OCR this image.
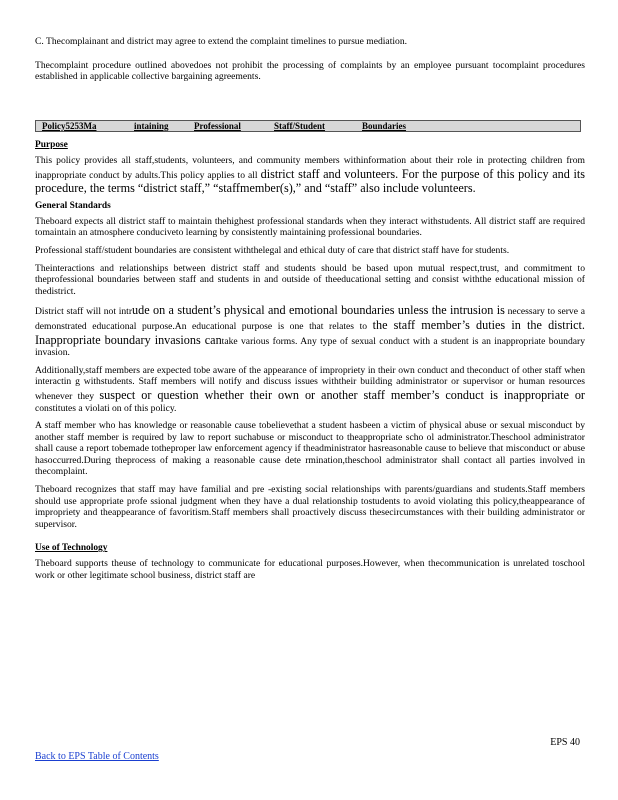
C. Thecomplainant and district may agree to extend the complaint timelines to pursue mediation.

Thecomplaint procedure outlined abovedoes not prohibit the processing of complaints by an employee pursuant tocomplaint procedures established in applicable collective bargaining agreements.

Policy5253Ma	intaining	Professional	Staff/Student	Boundaries
Purpose

This policy provides all staff,students, volunteers, and community members withinformation about their role in protecting children from inappropriate conduct by adults.This policy applies to all district staff and volunteers. For the purpose of this policy and its procedure, the terms “district staff,” “staffmember(s),” and “staff” also include volunteers.

General Standards

Theboard expects all district staff to maintain thehighest professional standards when they interact withstudents. All district staff are required tomaintain an atmosphere conduciveto learning by consistently maintaining professional boundaries.

Professional staff/student boundaries are consistent withthelegal and ethical duty of care that district staff have for students.

Theinteractions and relationships between district staff and students should be based upon mutual respect,trust, and commitment to theprofessional boundaries between staff and students in and outside of theeducational setting and consist withthe educational mission of thedistrict.

District staff will not intrude on a student’s physical and emotional boundaries unless the intrusion is necessary to serve a demonstrated educational purpose.An educational purpose is one that relates to the staff member’s duties in the district. Inappropriate boundary invasions cantake various forms. Any type of sexual conduct with a student is an inappropriate boundary invasion.

Additionally,staff members are expected tobe aware of the appearance of impropriety in their own conduct and theconduct of other staff when interactin g withstudents. Staff members will notify and discuss issues withtheir building administrator or supervisor or human resources whenever they suspect or question whether their own or another staff member’s conduct is inappropriate or constitutes a violati on of this policy.

A staff member who has knowledge or reasonable cause tobelievethat a student hasbeen a victim of physical abuse or sexual misconduct by another staff member is required by law to report suchabuse or misconduct to theappropriate scho ol administrator.Theschool administrator shall cause a report tobemade totheproper law enforcement agency if theadministrator hasreasonable cause to believe that misconduct or abuse hasoccurred.During theprocess of making a reasonable cause dete rmination,theschool administrator shall contact all parties involved in thecomplaint.

Theboard recognizes that staff may have familial and pre -existing social relationships with parents/guardians and students.Staff members should use appropriate profe ssional judgment when they have a dual relationship tostudents to avoid violating this policy,theappearance of impropriety and theappearance of favoritism.Staff members shall proactively discuss thesecircumstances with their building administrator or supervisor.

Use of Technology

Theboard supports theuse of technology to communicate for educational purposes.However, when thecommunication is unrelated toschool work or other legitimate school business, district staff are

EPS 40
Back to EPS Table of Contents
